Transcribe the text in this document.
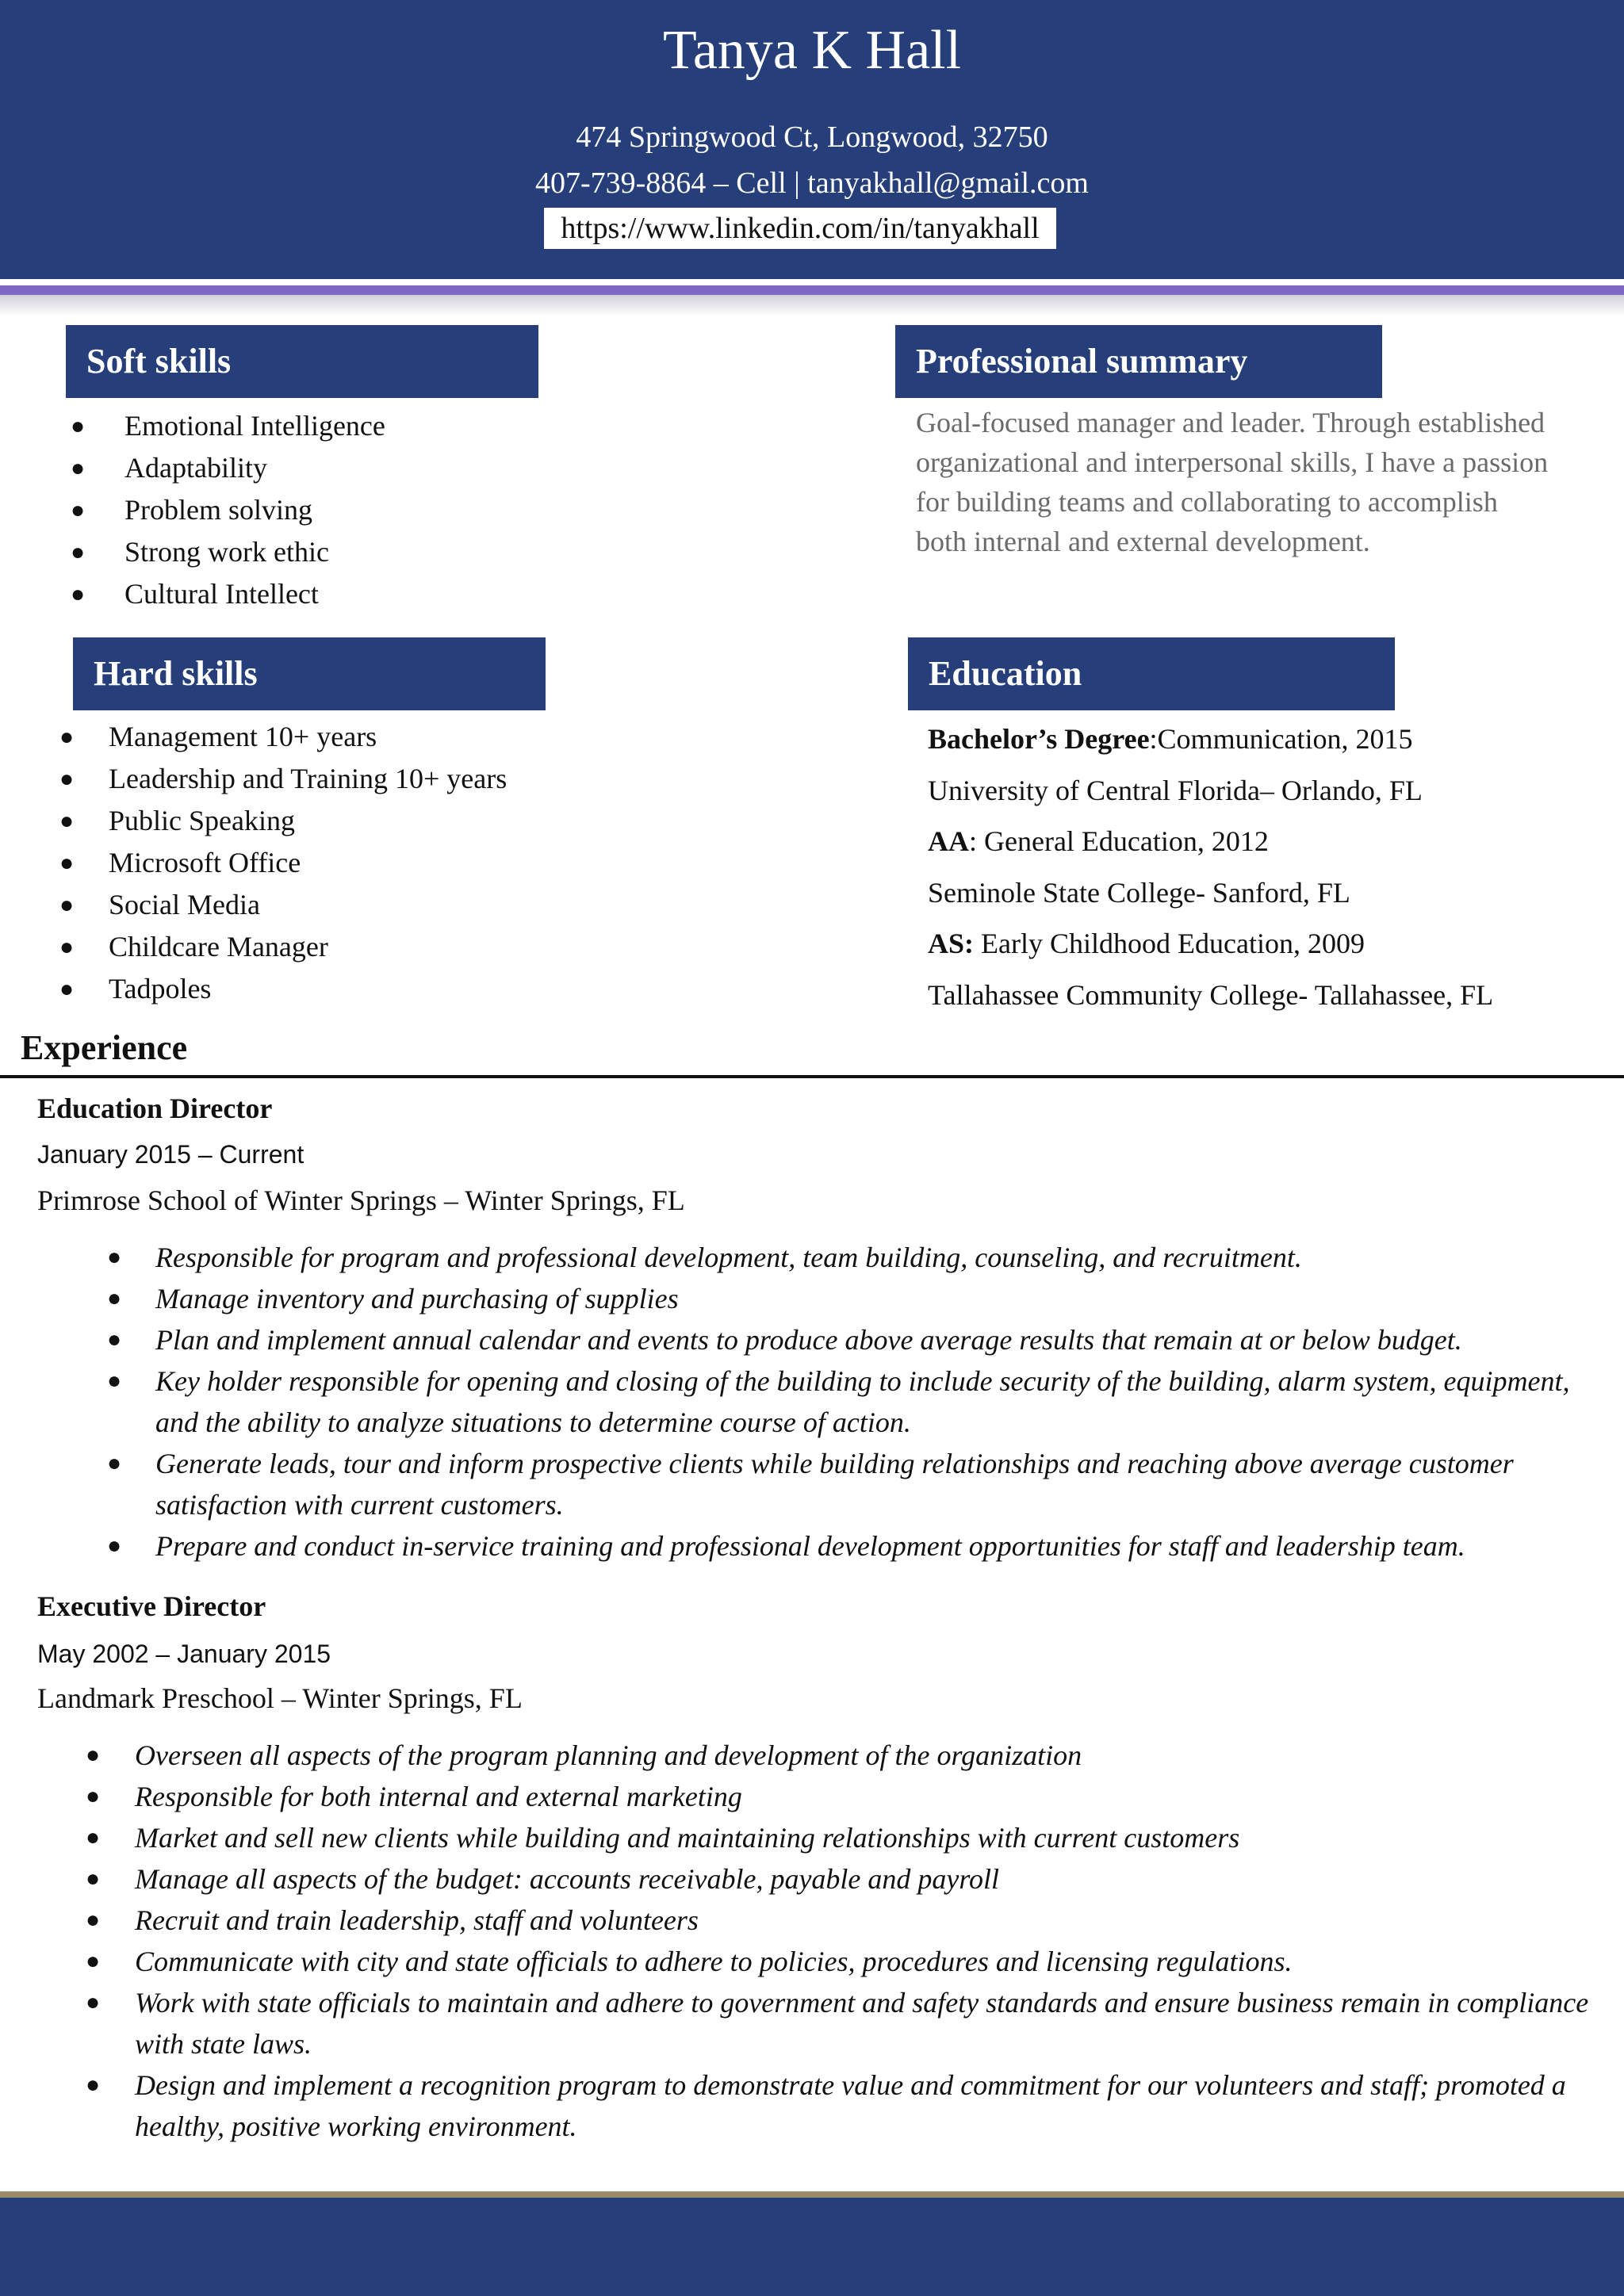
Tanya K Hall
474 Springwood Ct, Longwood, 32750
407-739-8864 – Cell | tanyakhall@gmail.com
https://www.linkedin.com/in/tanyakhall
Soft skills
● Emotional Intelligence
● Adaptability
● Problem solving
● Strong work ethic
● Cultural Intellect
Professional summary
Goal-focused manager and leader. Through established organizational and interpersonal skills, I have a passion for building teams and collaborating to accomplish both internal and external development.
Hard skills
● Management 10+ years
● Leadership and Training 10+ years
● Public Speaking
● Microsoft Office
● Social Media
● Childcare Manager
● Tadpoles
Education
Bachelor’s Degree:Communication, 2015
University of Central Florida– Orlando, FL
AA: General Education, 2012
Seminole State College- Sanford, FL
AS: Early Childhood Education, 2009
Tallahassee Community College- Tallahassee, FL
Experience
Education Director
January 2015 – Current
Primrose School of Winter Springs – Winter Springs, FL
● Responsible for program and professional development, team building, counseling, and recruitment.
● Manage inventory and purchasing of supplies
● Plan and implement annual calendar and events to produce above average results that remain at or below budget.
● Key holder responsible for opening and closing of the building to include security of the building, alarm system, equipment, and the ability to analyze situations to determine course of action.
● Generate leads, tour and inform prospective clients while building relationships and reaching above average customer satisfaction with current customers.
● Prepare and conduct in-service training and professional development opportunities for staff and leadership team.
Executive Director
May 2002 – January 2015
Landmark Preschool – Winter Springs, FL
● Overseen all aspects of the program planning and development of the organization
● Responsible for both internal and external marketing
● Market and sell new clients while building and maintaining relationships with current customers
● Manage all aspects of the budget: accounts receivable, payable and payroll
● Recruit and train leadership, staff and volunteers
● Communicate with city and state officials to adhere to policies, procedures and licensing regulations.
● Work with state officials to maintain and adhere to government and safety standards and ensure business remain in compliance with state laws.
● Design and implement a recognition program to demonstrate value and commitment for our volunteers and staff; promoted a healthy, positive working environment.
